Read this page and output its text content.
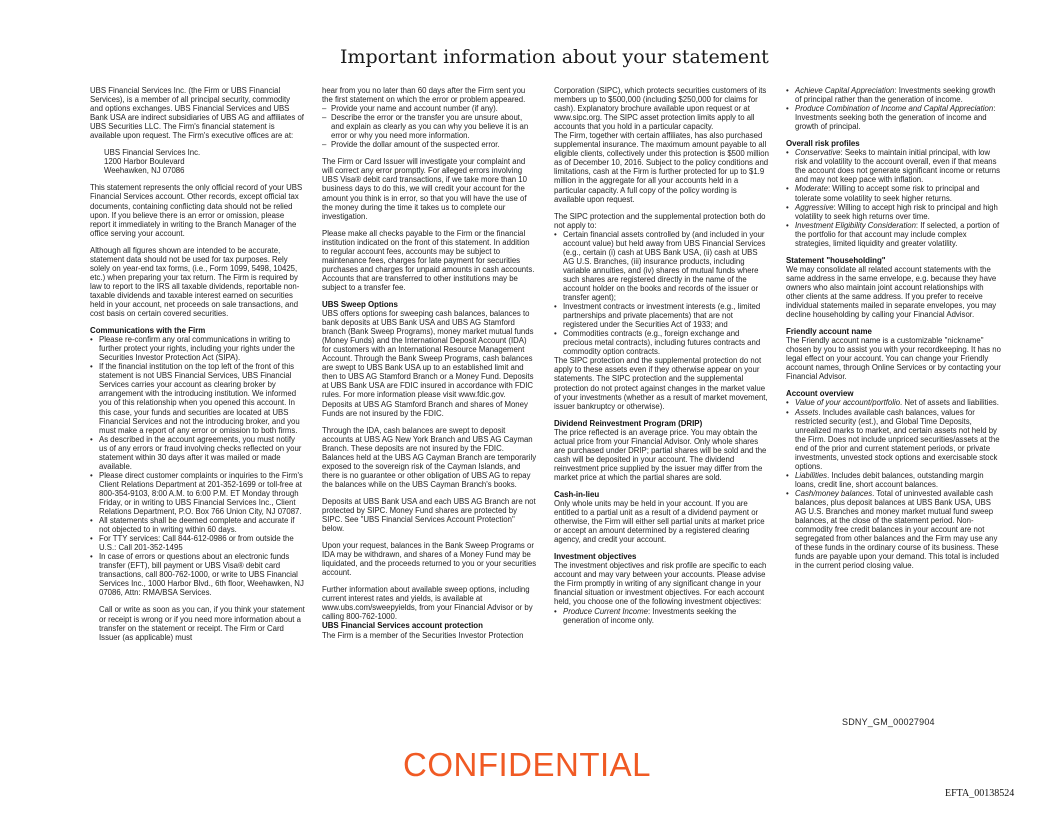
Important information about your statement

UBS Financial Services Inc. (the Firm or UBS Financial Services), is a member of all principal security, commodity and options exchanges. UBS Financial Services and UBS Bank USA are indirect subsidiaries of UBS AG and affiliates of UBS Securities LLC. The Firm's financial statement is available upon request. The Firm's executive offices are at:

UBS Financial Services Inc.
1200 Harbor Boulevard
Weehawken, NJ 07086

This statement represents the only official record of your UBS Financial Services account. Other records, except official tax documents, containing conflicting data should not be relied upon. If you believe there is an error or omission, please report it immediately in writing to the Branch Manager of the office serving your account.

Although all figures shown are intended to be accurate, statement data should not be used for tax purposes. Rely solely on year-end tax forms, (i.e., Form 1099, 5498, 10425, etc.) when preparing your tax return. The Firm is required by law to report to the IRS all taxable dividends, reportable non-taxable dividends and taxable interest earned on securities held in your account, net proceeds on sale transactions, and cost basis on certain covered securities.

Communications with the Firm
• Please re-confirm any oral communications in writing to further protect your rights, including your rights under the Securities Investor Protection Act (SIPA).
• If the financial institution on the top left of the front of this statement is not UBS Financial Services, UBS Financial Services carries your account as clearing broker by arrangement with the introducing institution. We informed you of this relationship when you opened this account. In this case, your funds and securities are located at UBS Financial Services and not the introducing broker, and you must make a report of any error or omission to both firms.
• As described in the account agreements, you must notify us of any errors or fraud involving checks reflected on your statement within 30 days after it was mailed or made available.
• Please direct customer complaints or inquiries to the Firm's Client Relations Department at 201-352-1699 or toll-free at 800-354-9103, 8:00 A.M. to 6:00 P.M. ET Monday through Friday, or in writing to UBS Financial Services Inc., Client Relations Department, P.O. Box 766 Union City, NJ 07087.
• All statements shall be deemed complete and accurate if not objected to in writing within 60 days.
• For TTY services: Call 844-612-0986 or from outside the U.S.: Call 201-352-1495
• In case of errors or questions about an electronic funds transfer (EFT), bill payment or UBS Visa® debit card transactions, call 800-762-1000, or write to UBS Financial Services Inc., 1000 Harbor Blvd., 6th floor, Weehawken, NJ 07086, Attn: RMA/BSA Services.

Call or write as soon as you can, if you think your statement or receipt is wrong or if you need more information about a transfer on the statement or receipt. The Firm or Card Issuer (as applicable) must

hear from you no later than 60 days after the Firm sent you the first statement on which the error or problem appeared.

– Provide your name and account number (if any).
– Describe the error or the transfer you are unsure about, and explain as clearly as you can why you believe it is an error or why you need more information.
– Provide the dollar amount of the suspected error.

The Firm or Card Issuer will investigate your complaint and will correct any error promptly. For alleged errors involving UBS Visa® debit card transactions, if we take more than 10 business days to do this, we will credit your account for the amount you think is in error, so that you will have the use of the money during the time it takes us to complete our investigation.

Please make all checks payable to the Firm or the financial institution indicated on the front of this statement. In addition to regular account fees, accounts may be subject to maintenance fees, charges for late payment for securities purchases and charges for unpaid amounts in cash accounts. Accounts that are transferred to other institutions may be subject to a transfer fee.

UBS Sweep Options

UBS offers options for sweeping cash balances, balances to bank deposits at UBS Bank USA and UBS AG Stamford branch (Bank Sweep Programs), money market mutual funds (Money Funds) and the International Deposit Account (IDA) for customers with an International Resource Management Account. Through the Bank Sweep Programs, cash balances are swept to UBS Bank USA up to an established limit and then to UBS AG Stamford Branch or a Money Fund. Deposits at UBS Bank USA are FDIC insured in accordance with FDIC rules. For more information please visit www.fdic.gov. Deposits at UBS AG Stamford Branch and shares of Money Funds are not insured by the FDIC.

Through the IDA, cash balances are swept to deposit accounts at UBS AG New York Branch and UBS AG Cayman Branch. These deposits are not insured by the FDIC. Balances held at the UBS AG Cayman Branch are temporarily exposed to the sovereign risk of the Cayman Islands, and there is no guarantee or other obligation of UBS AG to repay the balances while on the UBS Cayman Branch's books.

Deposits at UBS Bank USA and each UBS AG Branch are not protected by SIPC. Money Fund shares are protected by SIPC. See "UBS Financial Services Account Protection" below.

Upon your request, balances in the Bank Sweep Programs or IDA may be withdrawn, and shares of a Money Fund may be liquidated, and the proceeds returned to you or your securities account.

Further information about available sweep options, including current interest rates and yields, is available at www.ubs.com/sweepyields, from your Financial Advisor or by calling 800-762-1000.

UBS Financial Services account protection

The Firm is a member of the Securities Investor Protection

Corporation (SIPC), which protects securities customers of its members up to $500,000 (including $250,000 for claims for cash). Explanatory brochure available upon request or at www.sipc.org. The SIPC asset protection limits apply to all accounts that you hold in a particular capacity.

The Firm, together with certain affiliates, has also purchased supplemental insurance. The maximum amount payable to all eligible clients, collectively under this protection is $500 million as of December 10, 2016. Subject to the policy conditions and limitations, cash at the Firm is further protected for up to $1.9 million in the aggregate for all your accounts held in a particular capacity. A full copy of the policy wording is available upon request.

The SIPC protection and the supplemental protection both do not apply to:

• Certain financial assets controlled by (and included in your account value) but held away from UBS Financial Services (e.g., certain (i) cash at UBS Bank USA, (ii) cash at UBS AG U.S. Branches, (iii) insurance products, including variable annuities, and (iv) shares of mutual funds where such shares are registered directly in the name of the account holder on the books and records of the issuer or transfer agent);
• Investment contracts or investment interests (e.g., limited partnerships and private placements) that are not registered under the Securities Act of 1933; and
• Commodities contracts (e.g., foreign exchange and precious metal contracts), including futures contracts and commodity option contracts.

The SIPC protection and the supplemental protection do not apply to these assets even if they otherwise appear on your statements. The SIPC protection and the supplemental protection do not protect against changes in the market value of your investments (whether as a result of market movement, issuer bankruptcy or otherwise).

Dividend Reinvestment Program (DRIP)

The price reflected is an average price. You may obtain the actual price from your Financial Advisor. Only whole shares are purchased under DRIP; partial shares will be sold and the cash will be deposited in your account. The dividend reinvestment price supplied by the issuer may differ from the market price at which the partial shares are sold.

Cash-in-lieu

Only whole units may be held in your account. If you are entitled to a partial unit as a result of a dividend payment or otherwise, the Firm will either sell partial units at market price or accept an amount determined by a registered clearing agency, and credit your account.

Investment objectives

The investment objectives and risk profile are specific to each account and may vary between your accounts. Please advise the Firm promptly in writing of any significant change in your financial situation or investment objectives. For each account held, you choose one of the following investment objectives:

• Produce Current Income: Investments seeking the generation of income only.
• Achieve Capital Appreciation: Investments seeking growth of principal rather than the generation of income.
• Produce Combination of Income and Capital Appreciation: Investments seeking both the generation of income and growth of principal.
Overall risk profiles
• Conservative: Seeks to maintain initial principal, with low risk and volatility to the account overall, even if that means the account does not generate significant income or returns and may not keep pace with inflation.
• Moderate: Willing to accept some risk to principal and tolerate some volatility to seek higher returns.
• Aggressive: Willing to accept high risk to principal and high volatility to seek high returns over time.
• Investment Eligibility Consideration: If selected, a portion of the portfolio for that account may include complex strategies, limited liquidity and greater volatility.
Statement "householding"

We may consolidate all related account statements with the same address in the same envelope, e.g. because they have owners who also maintain joint account relationships with other clients at the same address. If you prefer to receive individual statements mailed in separate envelopes, you may decline householding by calling your Financial Advisor.

Friendly account name

The Friendly account name is a customizable "nickname" chosen by you to assist you with your recordkeeping. It has no legal effect on your account. You can change your Friendly account names, through Online Services or by contacting your Financial Advisor.

Account overview
• Value of your account/portfolio. Net of assets and liabilities.
• Assets. Includes available cash balances, values for restricted security (est.), and Global Time Deposits, unrealized marks to market, and certain assets not held by the Firm. Does not include unpriced securities/assets at the end of the prior and current statement periods, or private investments, unvested stock options and exercisable stock options.
• Liabilities. Includes debit balances, outstanding margin loans, credit line, short account balances.
• Cash/money balances. Total of uninvested available cash balances, plus deposit balances at UBS Bank USA, UBS AG U.S. Branches and money market mutual fund sweep balances, at the close of the statement period. Non-commodity free credit balances in your account are not segregated from other balances and the Firm may use any of these funds in the ordinary course of its business. These funds are payable upon your demand. This total is included in the current period closing value.
SDNY_GM_00027904
CONFIDENTIAL
EFTA_00138524
